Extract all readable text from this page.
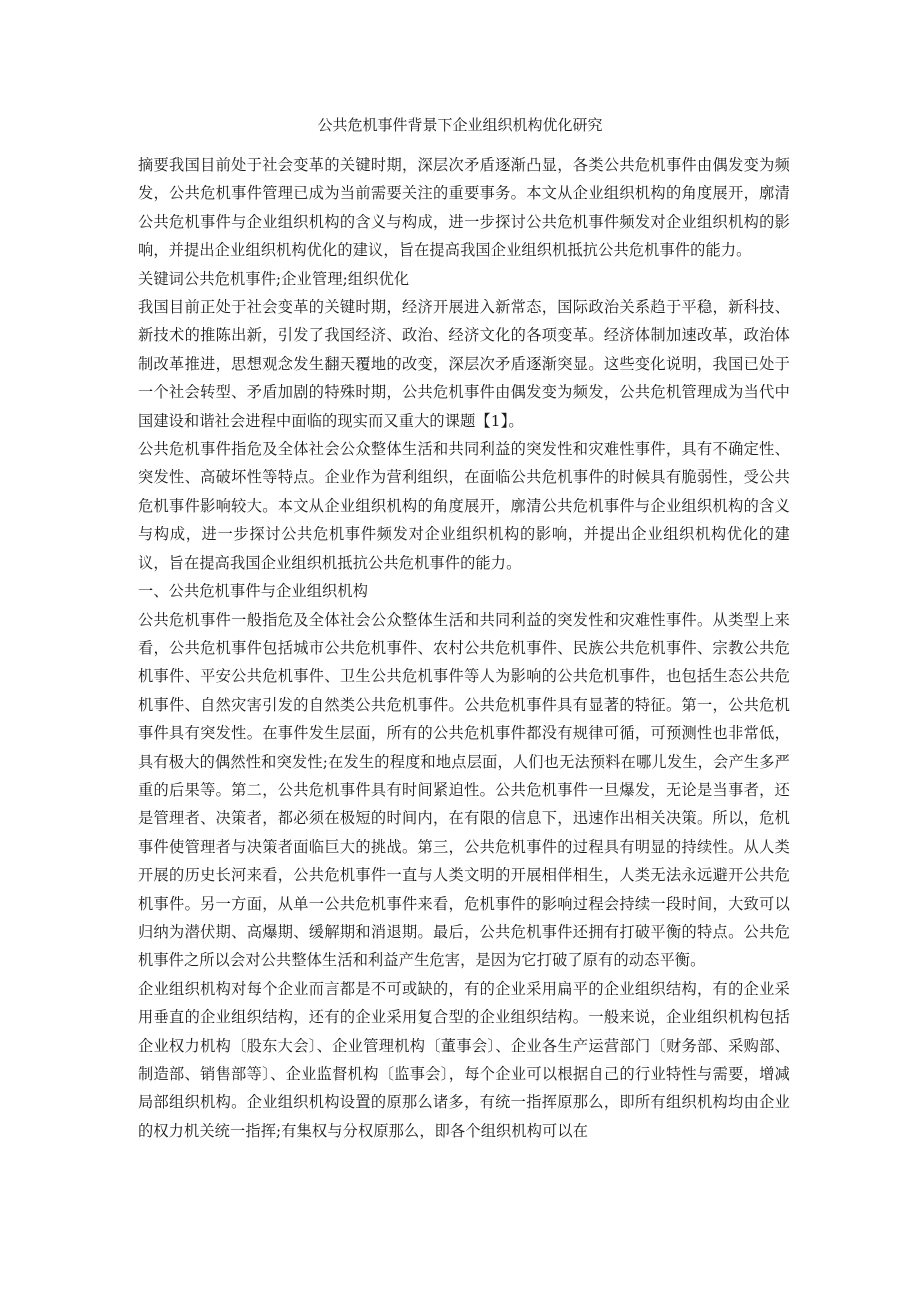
公共危机事件背景下企业组织机构优化研究

摘要我国目前处于社会变革的关键时期，深层次矛盾逐渐凸显，各类公共危机事件由偶发变为频发，公共危机事件管理已成为当前需要关注的重要事务。本文从企业组织机构的角度展开，廓清公共危机事件与企业组织机构的含义与构成，进一步探讨公共危机事件频发对企业组织机构的影响，并提出企业组织机构优化的建议，旨在提高我国企业组织机抵抗公共危机事件的能力。

关键词公共危机事件;企业管理;组织优化

我国目前正处于社会变革的关键时期，经济开展进入新常态，国际政治关系趋于平稳，新科技、新技术的推陈出新，引发了我国经济、政治、经济文化的各项变革。经济体制加速改革，政治体制改革推进，思想观念发生翻天覆地的改变，深层次矛盾逐渐突显。这些变化说明，我国已处于一个社会转型、矛盾加剧的特殊时期，公共危机事件由偶发变为频发，公共危机管理成为当代中国建设和谐社会进程中面临的现实而又重大的课题【1】。

公共危机事件指危及全体社会公众整体生活和共同利益的突发性和灾难性事件，具有不确定性、突发性、高破坏性等特点。企业作为营利组织，在面临公共危机事件的时候具有脆弱性，受公共危机事件影响较大。本文从企业组织机构的角度展开，廓清公共危机事件与企业组织机构的含义与构成，进一步探讨公共危机事件频发对企业组织机构的影响，并提出企业组织机构优化的建议，旨在提高我国企业组织机抵抗公共危机事件的能力。

一、公共危机事件与企业组织机构

公共危机事件一般指危及全体社会公众整体生活和共同利益的突发性和灾难性事件。从类型上来看，公共危机事件包括城市公共危机事件、农村公共危机事件、民族公共危机事件、宗教公共危机事件、平安公共危机事件、卫生公共危机事件等人为影响的公共危机事件，也包括生态公共危机事件、自然灾害引发的自然类公共危机事件。公共危机事件具有显著的特征。第一，公共危机事件具有突发性。在事件发生层面，所有的公共危机事件都没有规律可循，可预测性也非常低，具有极大的偶然性和突发性;在发生的程度和地点层面，人们也无法预料在哪儿发生，会产生多严重的后果等。第二，公共危机事件具有时间紧迫性。公共危机事件一旦爆发，无论是当事者，还是管理者、决策者，都必须在极短的时间内，在有限的信息下，迅速作出相关决策。所以，危机事件使管理者与决策者面临巨大的挑战。第三，公共危机事件的过程具有明显的持续性。从人类开展的历史长河来看，公共危机事件一直与人类文明的开展相伴相生，人类无法永远避开公共危机事件。另一方面，从单一公共危机事件来看，危机事件的影响过程会持续一段时间，大致可以归纳为潜伏期、高爆期、缓解期和消退期。最后，公共危机事件还拥有打破平衡的特点。公共危机事件之所以会对公共整体生活和利益产生危害，是因为它打破了原有的动态平衡。

企业组织机构对每个企业而言都是不可或缺的，有的企业采用扁平的企业组织结构，有的企业采用垂直的企业组织结构，还有的企业采用复合型的企业组织结构。一般来说，企业组织机构包括企业权力机构〔股东大会〕、企业管理机构〔董事会〕、企业各生产运营部门〔财务部、采购部、制造部、销售部等〕、企业监督机构〔监事会〕，每个企业可以根据自己的行业特性与需要，增减局部组织机构。企业组织机构设置的原那么诸多，有统一指挥原那么，即所有组织机构均由企业的权力机关统一指挥;有集权与分权原那么，即各个组织机构可以在
